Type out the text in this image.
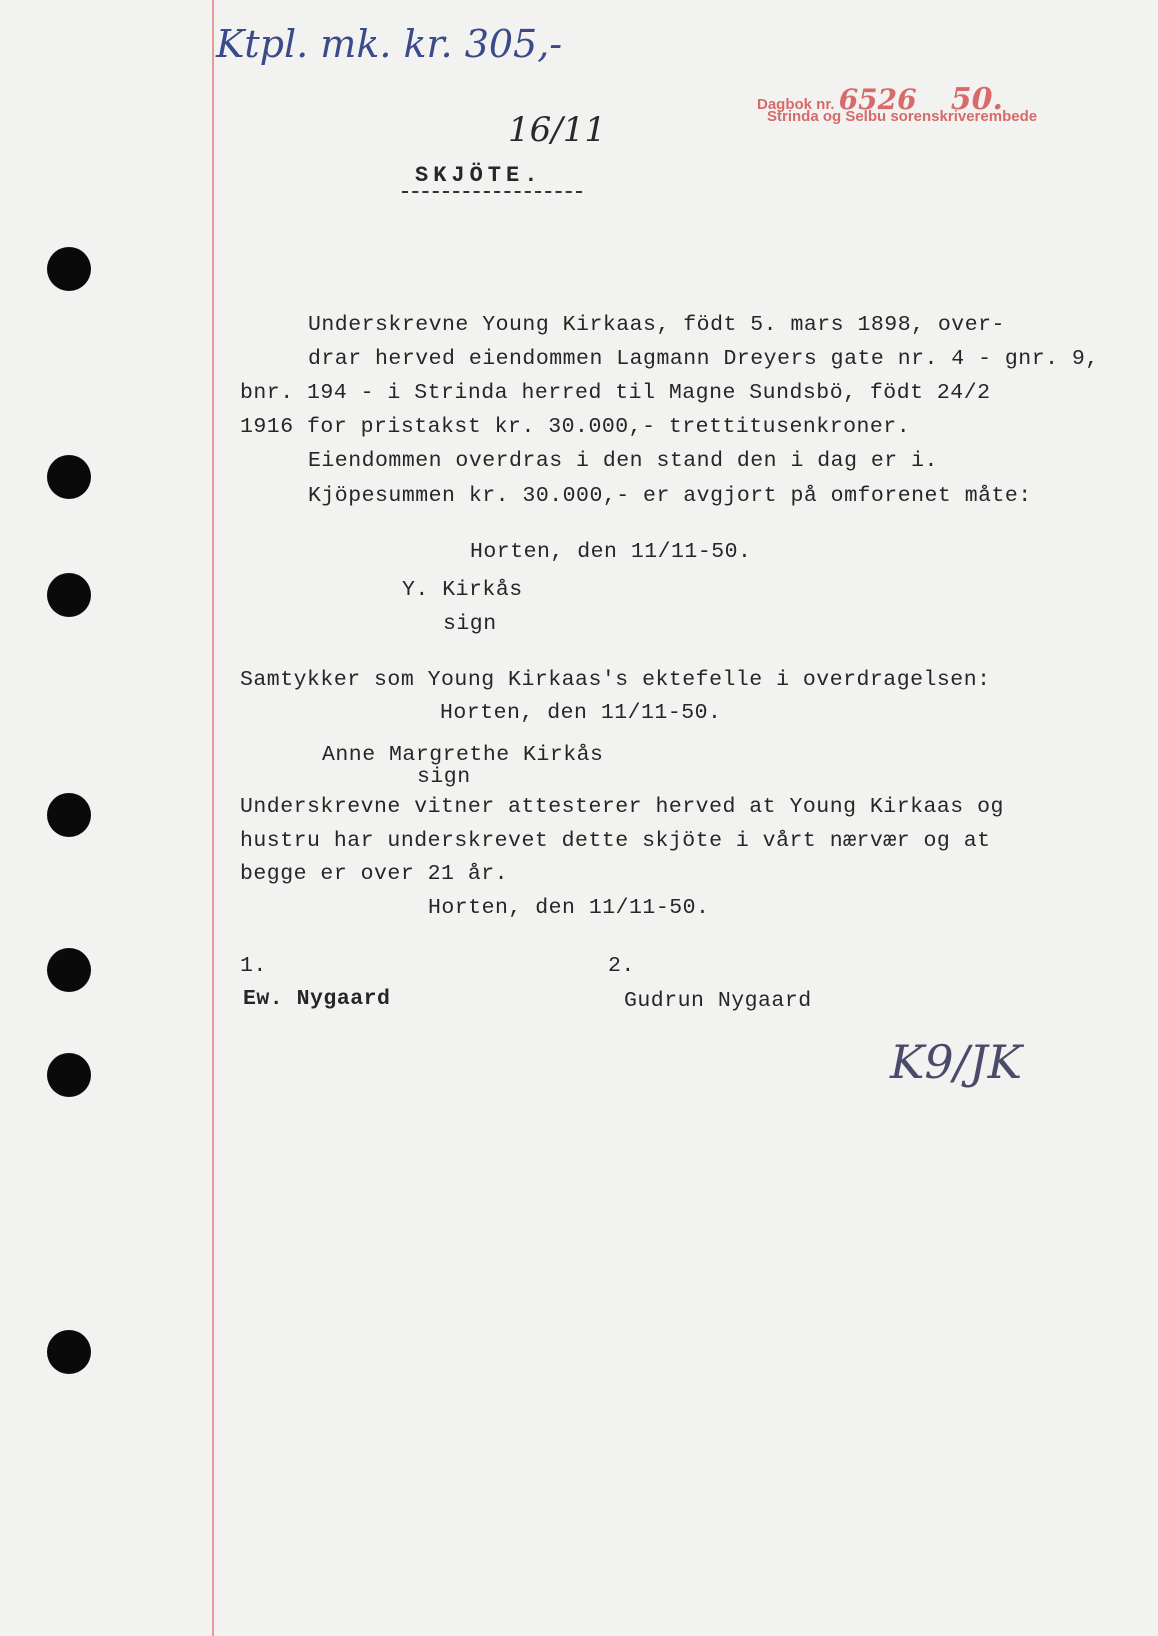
Ktpl. mk. kr. 305,-
16/11
Dagbok nr. 6526 50.
Strinda og Selbu sorenskriverembede
SKJÖTE.
Underskrevne Young Kirkaas, födt 5. mars 1898, over-
drar herved eiendommen Lagmann Dreyers gate nr. 4 - gnr. 9,
bnr. 194 - i Strinda herred til Magne Sundsbö, födt 24/2
1916 for pristakst kr. 30.000,- trettitusenkroner.
Eiendommen overdras i den stand den i dag er i.
Kjöpesummen kr. 30.000,- er avgjort på omforenet måte:
Horten, den 11/11-50.
Y. Kirkås
sign
Samtykker som Young Kirkaas's ektefelle i overdragelsen:
Horten, den 11/11-50.
Anne Margrethe Kirkås
sign
Underskrevne vitner attesterer herved at Young Kirkaas og
hustru har underskrevet dette skjöte i vårt nærvær og at
begge er over 21 år.
Horten, den 11/11-50.
1.
Ew. Nygaard
2.
Gudrun Nygaard
K9/JK
